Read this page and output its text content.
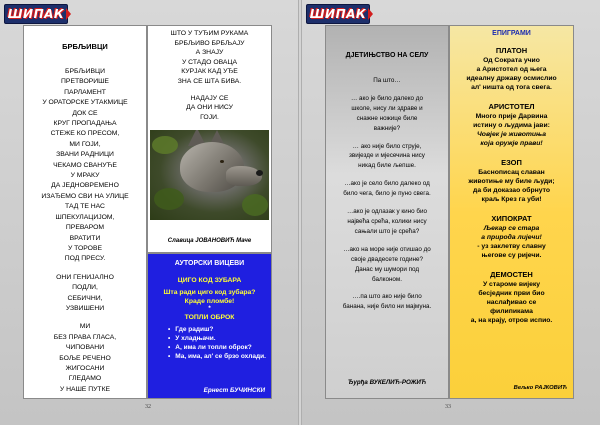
ШИПАК
БРБЉИВЦИ
БРБЉИВЦИ
ПРЕТВОРИШЕ
ПАРЛАМЕНТ
У ОРАТОРСКЕ УТАКМИЦЕ
ДОК СЕ
КРУГ ПРОПАДАЊА
СТЕЖЕ КО ПРЕСОМ,
МИ ГОЈИ,
ЗВАНИ РАДНИЦИ
ЧЕКАМО СВАНУЋЕ
У МРАКУ
ДА ЈЕДНОВРЕМЕНО
ИЗАЂЕМО СВИ НА УЛИЦЕ
ТАД ТЕ НАС
ШПЕКУЛАЦИЈОМ,
ПРЕВАРОМ
ВРАТИТИ
У ТОРОВЕ
ПОД ПРЕСУ.
ОНИ ГЕНИЈАЛНО
ПОДЛИ,
СЕБИЧНИ,
УЗВИШЕНИ
МИ
БЕЗ ПРАВА ГЛАСА,
ЧИПОВАНИ
БОЉЕ РЕЧЕНО
ЖИГОСАНИ
ГЛЕДАМО
У НАШЕ ПУТКЕ
ШТО У ТУЂИМ РУКАМА
БРБЉИВО БРБЉАЈУ
А ЗНАЈУ
У СТАДО ОВАЦА
КУРЈАК КАД УЂЕ
ЗНА СЕ ШТА БИВА.
НАДАЈУ СЕ
ДА ОНИ НИСУ
ГОЈИ.
Славица ЈОВАНОВИЋ Маче
АУТОРСКИ ВИЦЕВИ
ЦИГО КОД ЗУБАРА
Шта ради циго код зубара?
Краде пломбе!
*
ТОПЛИ ОБРОК
• Где радиш?
• У хладњачи.
• А, има ли топли оброк?
• Ма, има, ал' се брзо охлади.
Ернест БУЧИНСКИ
32
ШИПАК
ДЈЕТИЊСТВО НА СЕЛУ
Па што…
… ако је било далеко до
школе, нису ли здраве и
снажне ножице биле
важније?
… ако није било струје,
звијезде и мјесечина нису
никад биле љепше.
…ако је село било далеко од
било чега, било је пуно свега.
…ако је одлазак у кино био
највећа срећа, колики нису
сањали што је срећа?
…ако на море није отишао до
своје двадесете године?
Данас му шумори под
балконом.
….па што ако није било
банана, није било ни мајмуна.
Ђурђа ВУКЕЛИЋ-РОЖИЋ
ЕПИГРАМИ
ПЛАТОН
Од Сократа учио
а Аристотел од њега
идеалну државу осмислио
ал' ништа од тога свега.
АРИСТОТЕЛ
Много прије Дарвина
истину о људима јави:
Човјек је животиња
која оружје прави!
ЕЗОП
Баснописац славан
животиње му биле људи;
да би доказао обрнуто
краљ Крез га уби!
ХИПОКРАТ
Љекар се стара
а природа лијечи!
- уз заклетву славну
његове су ријечи.
ДЕМОСТЕН
У староме вијеку
бесједник први био
наслађивао се
филипикама
а, на крају, отров испио.
Вељко РАЈКОВИЋ
33
